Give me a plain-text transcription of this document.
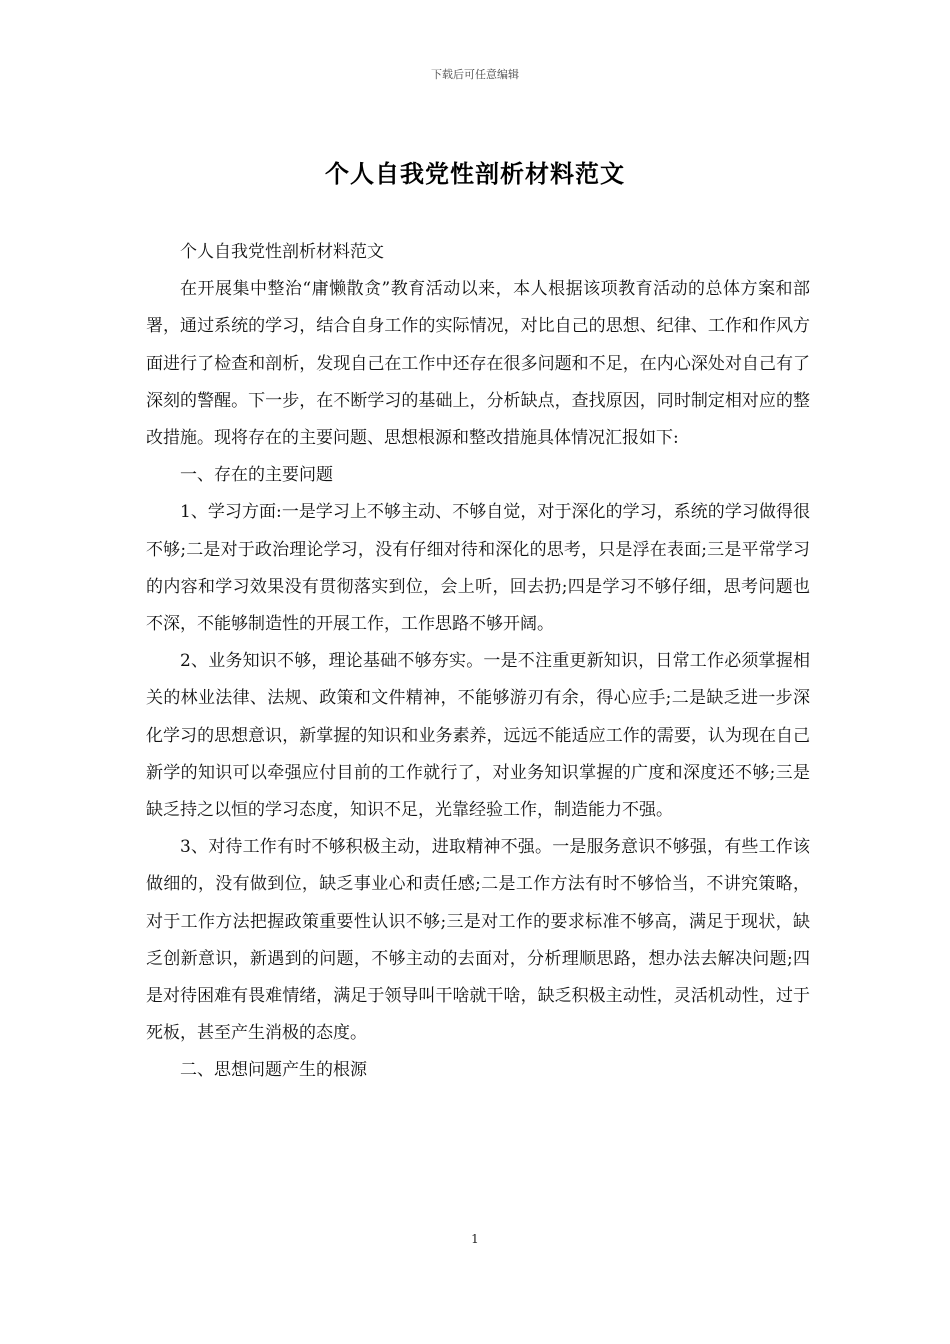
下载后可任意编辑
个人自我党性剖析材料范文

个人自我党性剖析材料范文

在开展集中整治“庸懒散贪”教育活动以来，本人根据该项教育活动的总体方案和部署，通过系统的学习，结合自身工作的实际情况，对比自己的思想、纪律、工作和作风方面进行了检查和剖析，发现自己在工作中还存在很多问题和不足，在内心深处对自己有了深刻的警醒。下一步，在不断学习的基础上，分析缺点，查找原因，同时制定相对应的整改措施。现将存在的主要问题、思想根源和整改措施具体情况汇报如下:

一、存在的主要问题

1、学习方面:一是学习上不够主动、不够自觉，对于深化的学习，系统的学习做得很不够;二是对于政治理论学习，没有仔细对待和深化的思考，只是浮在表面;三是平常学习的内容和学习效果没有贯彻落实到位，会上听，回去扔;四是学习不够仔细，思考问题也不深，不能够制造性的开展工作，工作思路不够开阔。

2、业务知识不够，理论基础不够夯实。一是不注重更新知识，日常工作必须掌握相关的林业法律、法规、政策和文件精神，不能够游刃有余，得心应手;二是缺乏进一步深化学习的思想意识，新掌握的知识和业务素养，远远不能适应工作的需要，认为现在自己新学的知识可以牵强应付目前的工作就行了，对业务知识掌握的广度和深度还不够;三是缺乏持之以恒的学习态度，知识不足，光靠经验工作，制造能力不强。

3、对待工作有时不够积极主动，进取精神不强。一是服务意识不够强，有些工作该做细的，没有做到位，缺乏事业心和责任感;二是工作方法有时不够恰当，不讲究策略，对于工作方法把握政策重要性认识不够;三是对工作的要求标准不够高，满足于现状，缺乏创新意识，新遇到的问题，不够主动的去面对，分析理顺思路，想办法去解决问题;四是对待困难有畏难情绪，满足于领导叫干啥就干啥，缺乏积极主动性，灵活机动性，过于死板，甚至产生消极的态度。

二、思想问题产生的根源

1
